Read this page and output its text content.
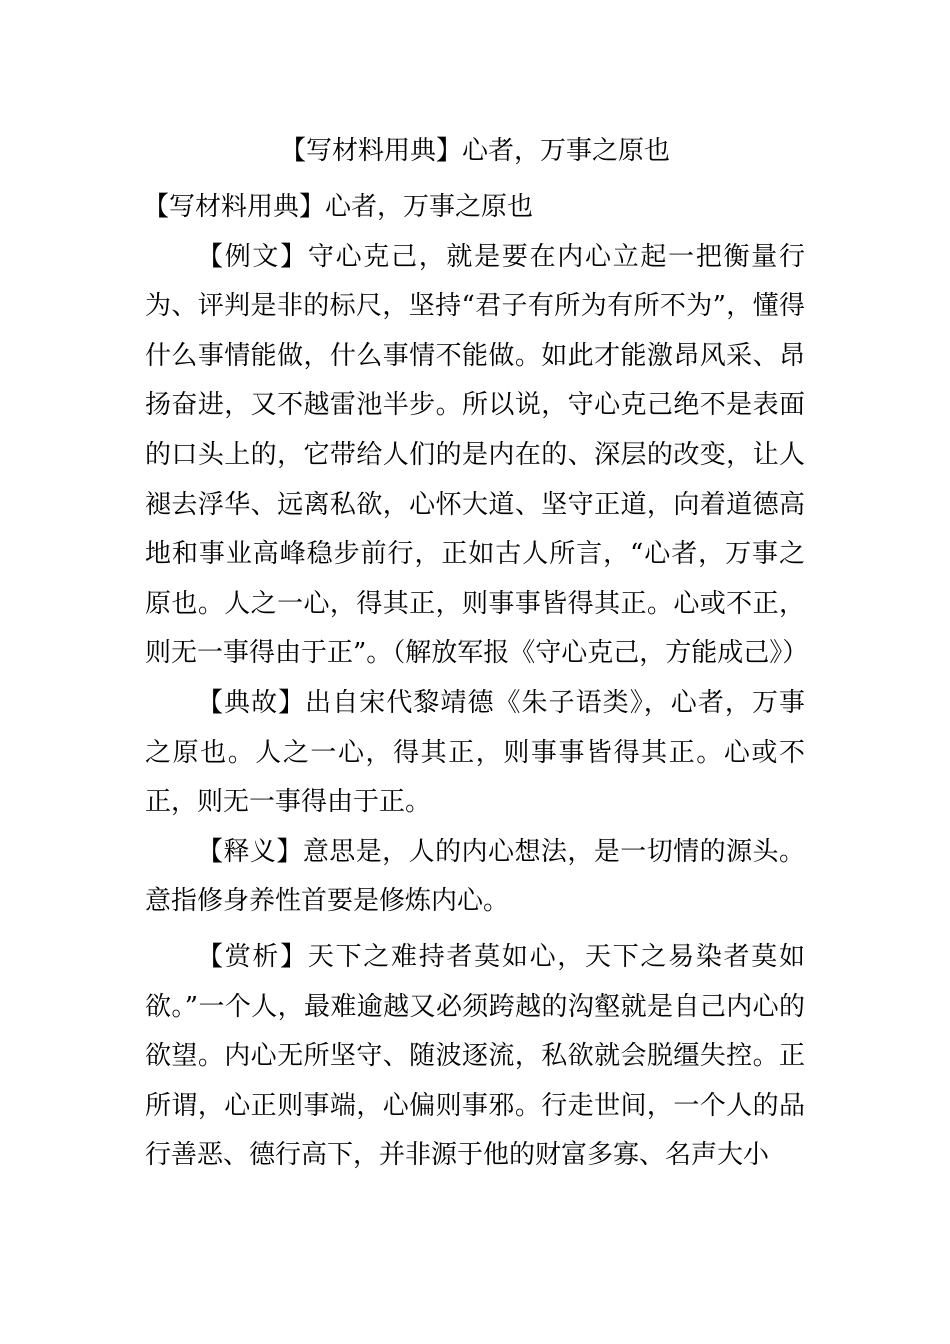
【写材料用典】心者，万事之原也

【写材料用典】心者，万事之原也

【例文】守心克己，就是要在内心立起一把衡量行为、评判是非的标尺，坚持“君子有所为有所不为”，懂得什么事情能做，什么事情不能做。如此才能激昂风采、昂扬奋进，又不越雷池半步。所以说，守心克己绝不是表面的口头上的，它带给人们的是内在的、深层的改变，让人褪去浮华、远离私欲，心怀大道、坚守正道，向着道德高地和事业高峰稳步前行，正如古人所言，“心者，万事之原也。人之一心，得其正，则事事皆得其正。心或不正，则无一事得由于正”。（解放军报《守心克己，方能成己》）

【典故】出自宋代黎靖德《朱子语类》，心者，万事之原也。人之一心，得其正，则事事皆得其正。心或不正，则无一事得由于正。

【释义】意思是，人的内心想法，是一切情的源头。意指修身养性首要是修炼内心。

【赏析】天下之难持者莫如心，天下之易染者莫如欲。”一个人，最难逾越又必须跨越的沟壑就是自己内心的欲望。内心无所坚守、随波逐流，私欲就会脱缰失控。正所谓，心正则事端，心偏则事邪。行走世间，一个人的品行善恶、德行高下，并非源于他的财富多寡、名声大小
